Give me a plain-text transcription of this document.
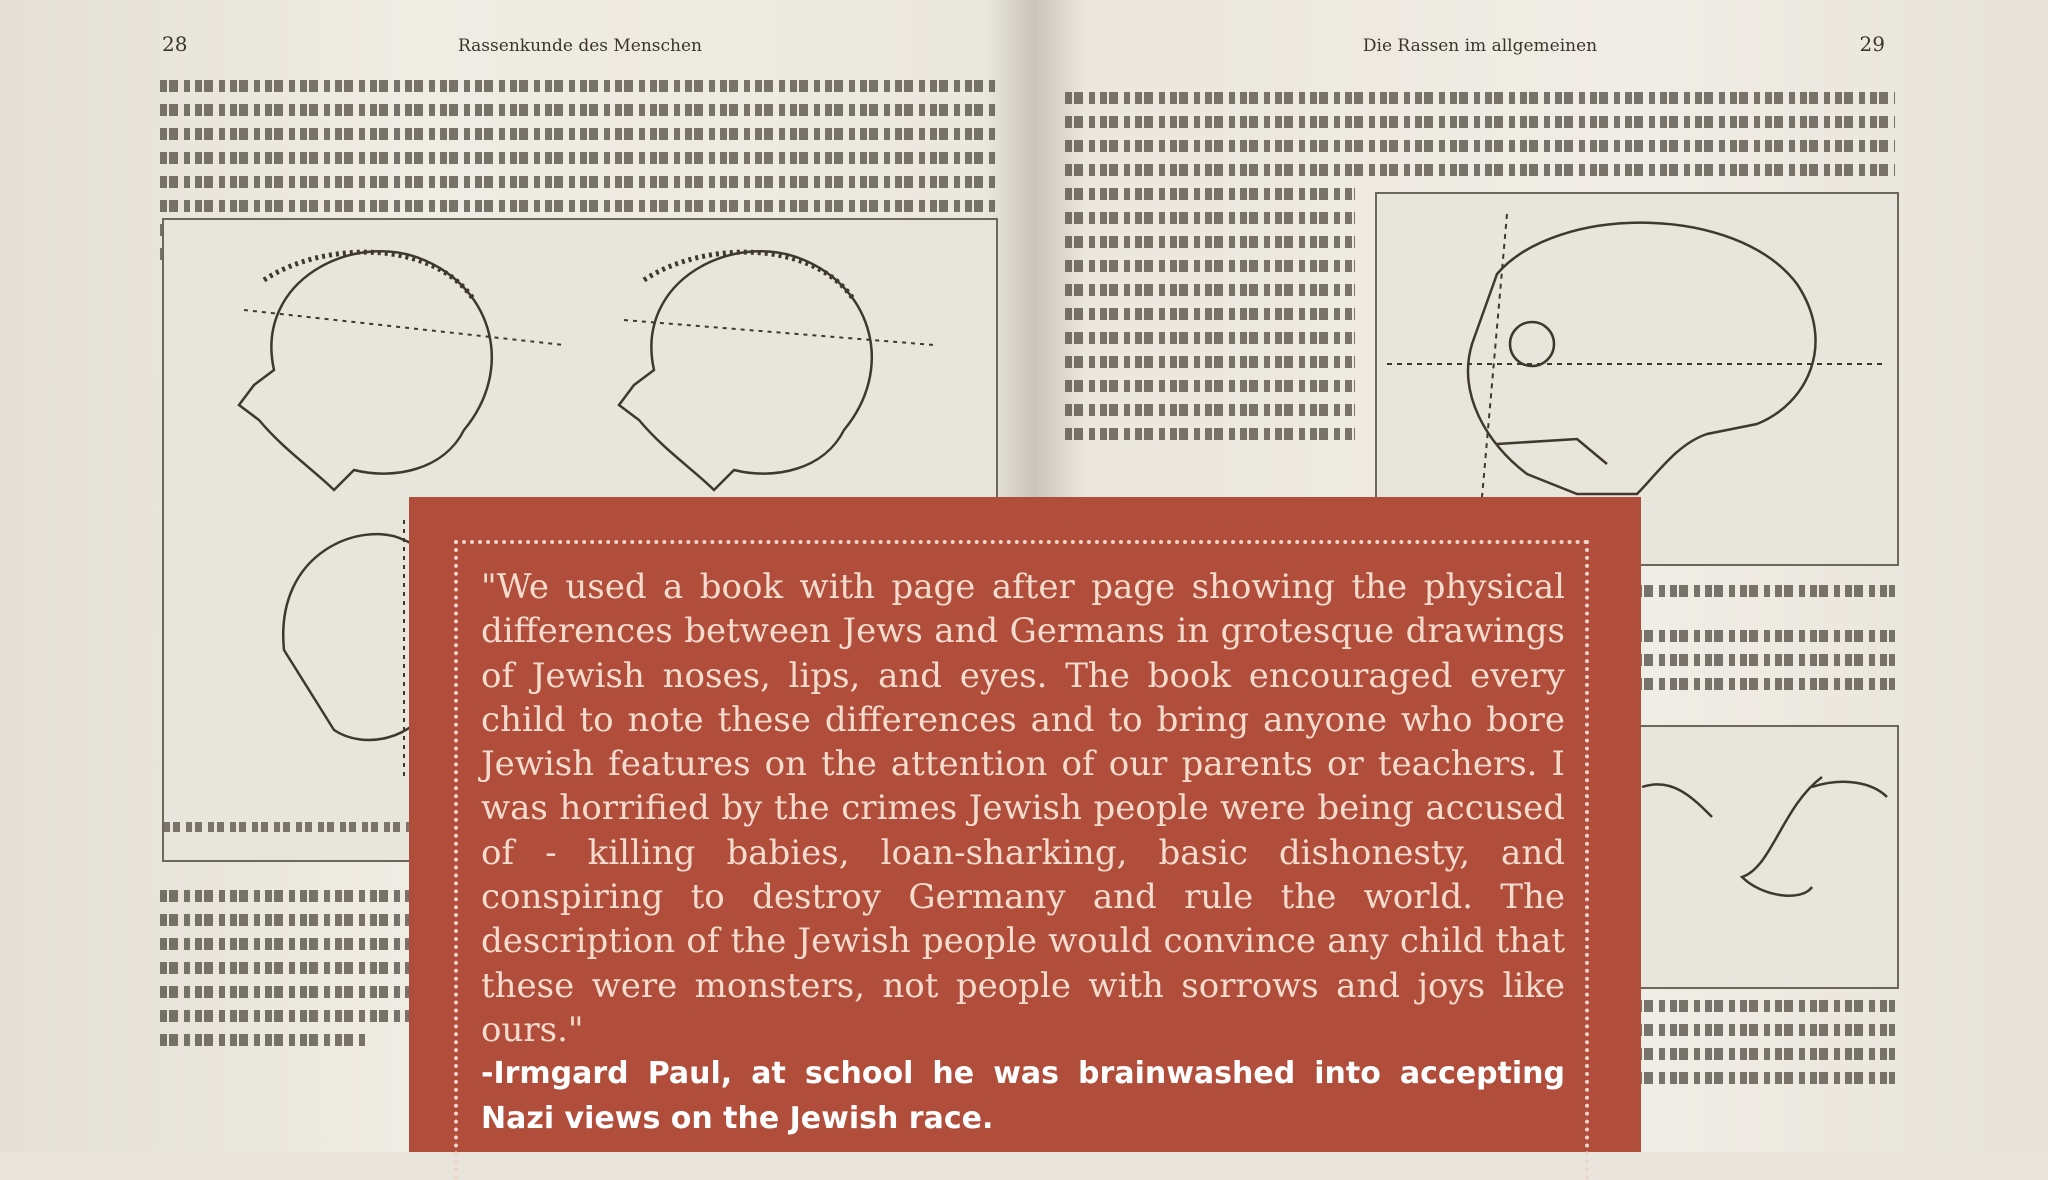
28	Rassenkunde des Menschen	Die Rassen im allgemeinen	29

"We used a book with page after page showing the physical differences between Jews and Germans in grotesque drawings of Jewish noses, lips, and eyes. The book encouraged every child to note these differences and to bring anyone who bore Jewish features on the attention of our parents or teachers. I was horrified by the crimes Jewish people were being accused of - killing babies, loan-sharking, basic dishonesty, and conspiring to destroy Germany and rule the world. The description of the Jewish people would convince any child that these were monsters, not people with sorrows and joys like ours."

-Irmgard Paul, at school he was brainwashed into accepting Nazi views on the Jewish race.
